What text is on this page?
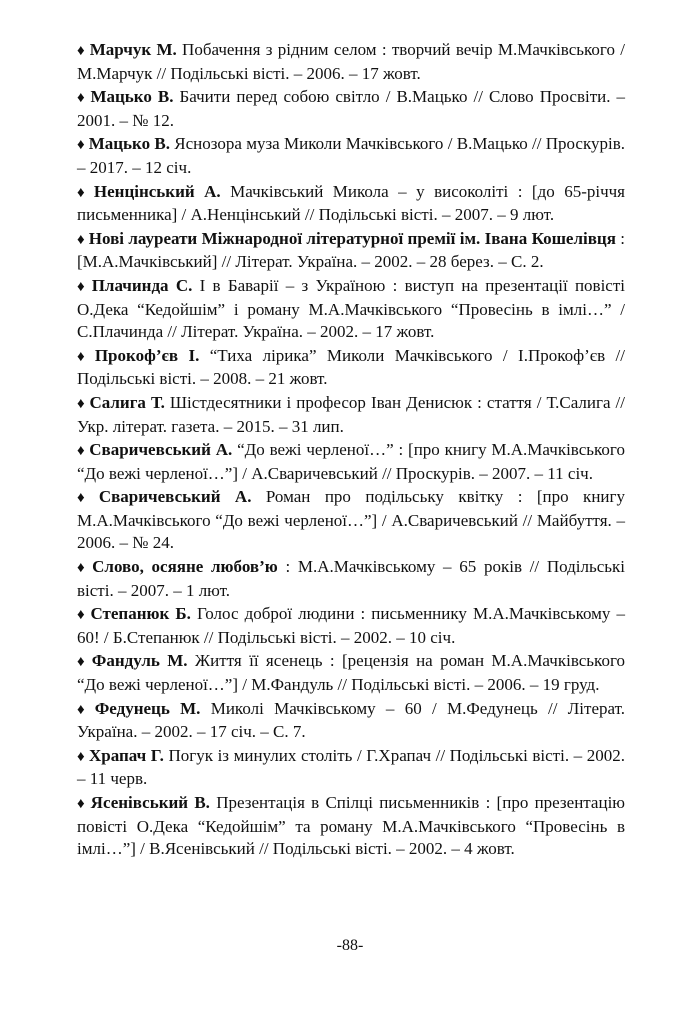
♦ Марчук М. Побачення з рідним селом : творчий вечір М.Мачківського / М.Марчук // Подільські вісті. – 2006. – 17 жовт.

♦ Мацько В. Бачити перед собою світло / В.Мацько // Слово Просвіти. – 2001. – № 12.

♦ Мацько В. Яснозора муза Миколи Мачківського / В.Мацько // Проскурів. – 2017. – 12 січ.

♦ Ненцінський А. Мачківський Микола – у високоліті : [до 65-річчя письменника] / А.Ненцінський // Подільські вісті. – 2007. – 9 лют.

♦ Нові лауреати Міжнародної літературної премії ім. Івана Кошелівця : [М.А.Мачківський] // Літерат. Україна. – 2002. – 28 берез. – С. 2.

♦ Плачинда С. І в Баварії – з Україною : виступ на презентації повісті О.Дека “Кедойшім” і роману М.А.Мачківського “Провесінь в імлі…” / С.Плачинда // Літерат. Україна. – 2002. – 17 жовт.

♦ Прокоф’єв І. “Тиха лірика” Миколи Мачківського / І.Прокоф’єв // Подільські вісті. – 2008. – 21 жовт.

♦ Салига Т. Шістдесятники і професор Іван Денисюк : стаття / Т.Салига // Укр. літерат. газета. – 2015. – 31 лип.

♦ Сваричевський А. “До вежі черленої…” : [про книгу М.А.Мачківського “До вежі черленої…”] / А.Сваричевський // Проскурів. – 2007. – 11 січ.

♦ Сваричевський А. Роман про подільську квітку : [про книгу М.А.Мачківського “До вежі черленої…”] / А.Сваричевський // Майбуття. – 2006. – № 24.

♦ Слово, осяяне любов’ю : М.А.Мачківському – 65 років // Подільські вісті. – 2007. – 1 лют.

♦ Степанюк Б. Голос доброї людини : письменнику М.А.Мачківському – 60! / Б.Степанюк // Подільські вісті. – 2002. – 10 січ.

♦ Фандуль М. Життя її ясенець : [рецензія на роман М.А.Мачківського “До вежі черленої…”] / М.Фандуль // Подільські вісті. – 2006. – 19 груд.

♦ Федунець М. Миколі Мачківському – 60 / М.Федунець // Літерат. Україна. – 2002. – 17 січ. – С. 7.

♦ Храпач Г. Погук із минулих століть / Г.Храпач // Подільські вісті. – 2002. – 11 черв.

♦ Ясенівський В. Презентація в Спілці письменників : [про презентацію повісті О.Дека “Кедойшім” та роману М.А.Мачківського “Провесінь в імлі…”] / В.Ясенівський // Подільські вісті. – 2002. – 4 жовт.

-88-
